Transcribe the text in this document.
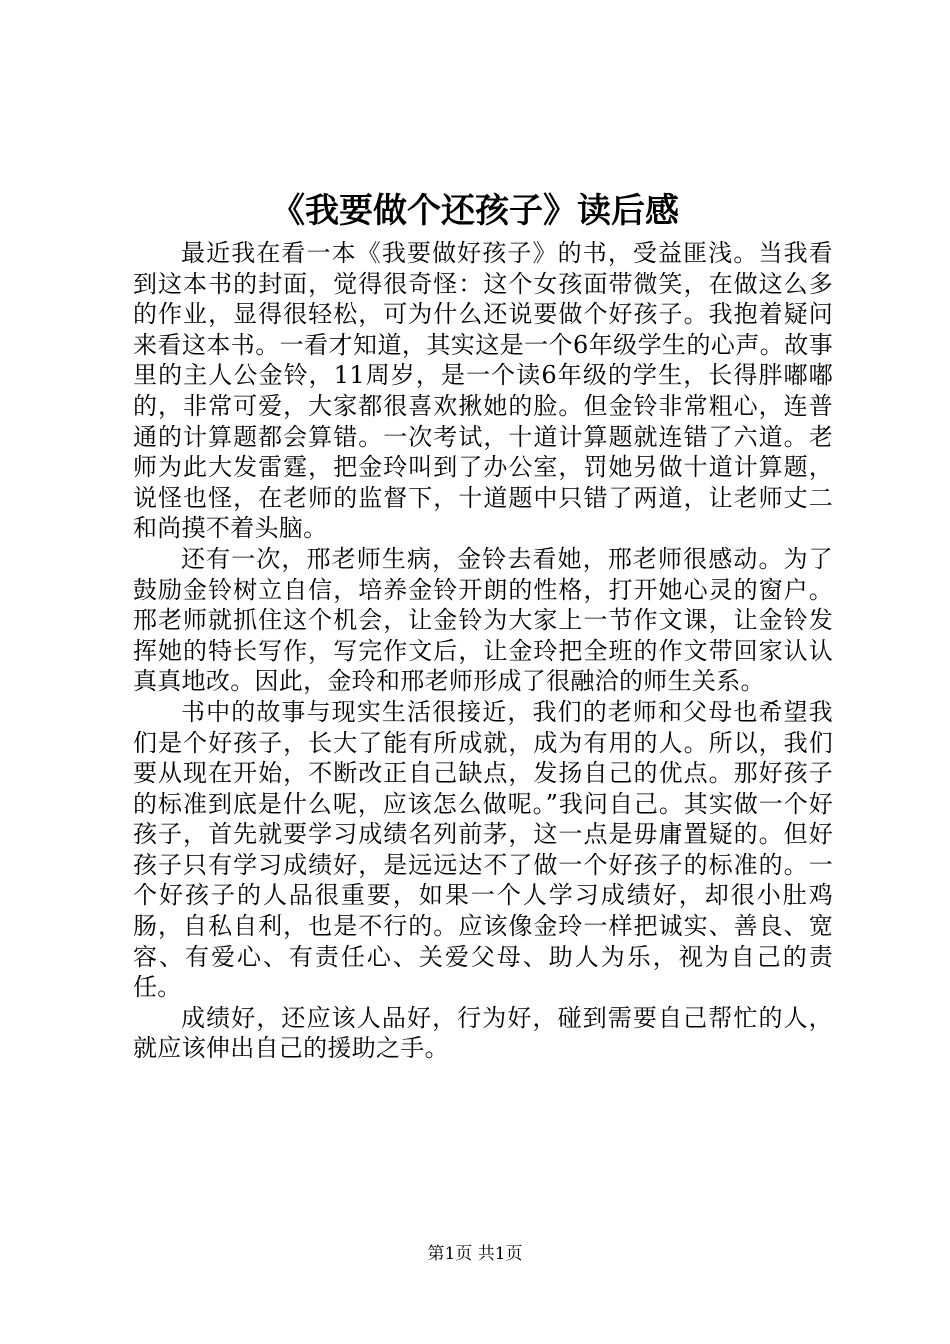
《我要做个还孩子》读后感

最近我在看一本《我要做好孩子》的书，受益匪浅。当我看到这本书的封面，觉得很奇怪：这个女孩面带微笑，在做这么多的作业，显得很轻松，可为什么还说要做个好孩子。我抱着疑问来看这本书。一看才知道，其实这是一个6年级学生的心声。故事里的主人公金铃，11周岁，是一个读6年级的学生，长得胖嘟嘟的，非常可爱，大家都很喜欢揪她的脸。但金铃非常粗心，连普通的计算题都会算错。一次考试，十道计算题就连错了六道。老师为此大发雷霆，把金玲叫到了办公室，罚她另做十道计算题，说怪也怪，在老师的监督下，十道题中只错了两道，让老师丈二和尚摸不着头脑。

还有一次，邢老师生病，金铃去看她，邢老师很感动。为了鼓励金铃树立自信，培养金铃开朗的性格，打开她心灵的窗户。邢老师就抓住这个机会，让金铃为大家上一节作文课，让金铃发挥她的特长写作，写完作文后，让金玲把全班的作文带回家认认真真地改。因此，金玲和邢老师形成了很融洽的师生关系。

书中的故事与现实生活很接近，我们的老师和父母也希望我们是个好孩子，长大了能有所成就，成为有用的人。所以，我们要从现在开始，不断改正自己缺点，发扬自己的优点。那好孩子的标准到底是什么呢，应该怎么做呢。”我问自己。其实做一个好孩子，首先就要学习成绩名列前茅，这一点是毋庸置疑的。但好孩子只有学习成绩好，是远远达不了做一个好孩子的标准的。一个好孩子的人品很重要，如果一个人学习成绩好，却很小肚鸡肠，自私自利，也是不行的。应该像金玲一样把诚实、善良、宽容、有爱心、有责任心、关爱父母、助人为乐，视为自己的责任。

成绩好，还应该人品好，行为好，碰到需要自己帮忙的人，就应该伸出自己的援助之手。

第1页 共1页
